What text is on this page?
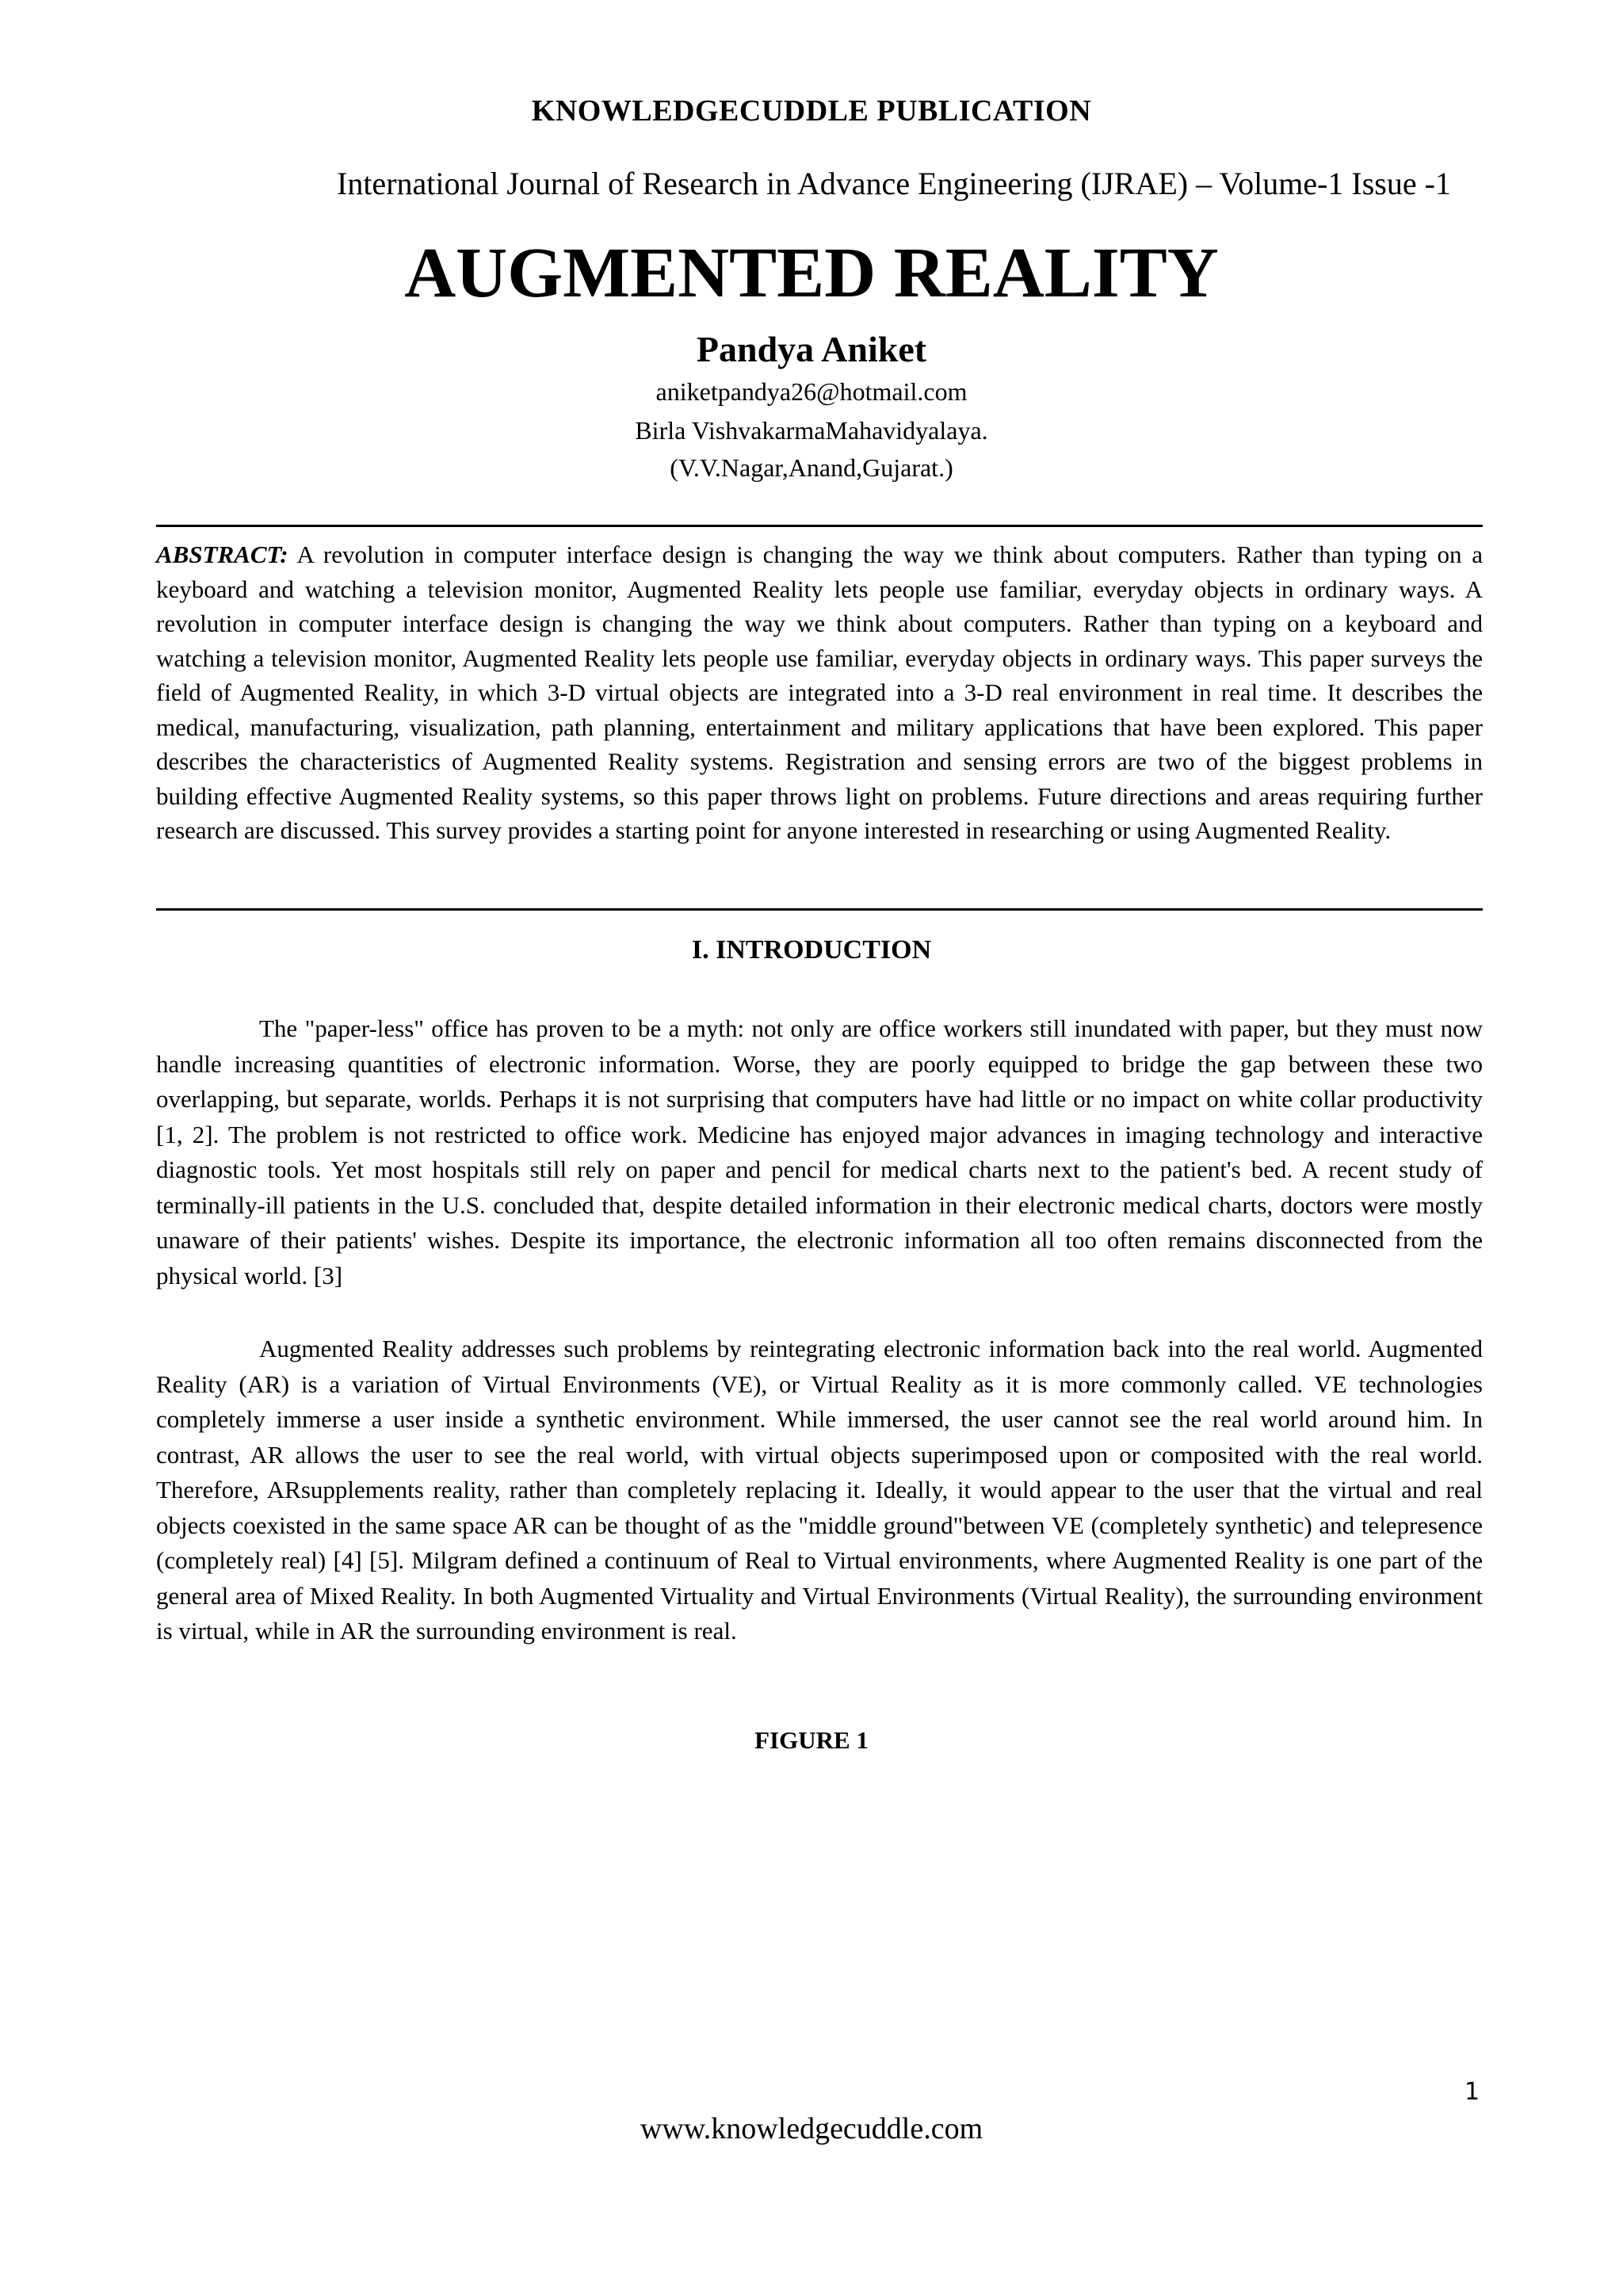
KNOWLEDGECUDDLE PUBLICATION
International Journal of Research in Advance Engineering (IJRAE) – Volume-1 Issue -1
AUGMENTED REALITY
Pandya Aniket
aniketpandya26@hotmail.com
Birla VishvakarmaMahavidyalaya.
(V.V.Nagar,Anand,Gujarat.)
ABSTRACT: A revolution in computer interface design is changing the way we think about computers. Rather than typing on a keyboard and watching a television monitor, Augmented Reality lets people use familiar, everyday objects in ordinary ways. A revolution in computer interface design is changing the way we think about computers. Rather than typing on a keyboard and watching a television monitor, Augmented Reality lets people use familiar, everyday objects in ordinary ways. This paper surveys the field of Augmented Reality, in which 3-D virtual objects are integrated into a 3-D real environment in real time. It describes the medical, manufacturing, visualization, path planning, entertainment and military applications that have been explored. This paper describes the characteristics of Augmented Reality systems. Registration and sensing errors are two of the biggest problems in building effective Augmented Reality systems, so this paper throws light on problems. Future directions and areas requiring further research are discussed. This survey provides a starting point for anyone interested in researching or using Augmented Reality.
I. INTRODUCTION
The "paper-less" office has proven to be a myth: not only are office workers still inundated with paper, but they must now handle increasing quantities of electronic information. Worse, they are poorly equipped to bridge the gap between these two overlapping, but separate, worlds. Perhaps it is not surprising that computers have had little or no impact on white collar productivity [1, 2]. The problem is not restricted to office work. Medicine has enjoyed major advances in imaging technology and interactive diagnostic tools. Yet most hospitals still rely on paper and pencil for medical charts next to the patient's bed. A recent study of terminally-ill patients in the U.S. concluded that, despite detailed information in their electronic medical charts, doctors were mostly unaware of their patients' wishes. Despite its importance, the electronic information all too often remains disconnected from the physical world. [3]
Augmented Reality addresses such problems by reintegrating electronic information back into the real world. Augmented Reality (AR) is a variation of Virtual Environments (VE), or Virtual Reality as it is more commonly called. VE technologies completely immerse a user inside a synthetic environment. While immersed, the user cannot see the real world around him. In contrast, AR allows the user to see the real world, with virtual objects superimposed upon or composited with the real world. Therefore, ARsupplements reality, rather than completely replacing it. Ideally, it would appear to the user that the virtual and real objects coexisted in the same space AR can be thought of as the "middle ground"between VE (completely synthetic) and telepresence (completely real) [4] [5]. Milgram defined a continuum of Real to Virtual environments, where Augmented Reality is one part of the general area of Mixed Reality. In both Augmented Virtuality and Virtual Environments (Virtual Reality), the surrounding environment is virtual, while in AR the surrounding environment is real.
FIGURE 1
1
www.knowledgecuddle.com
